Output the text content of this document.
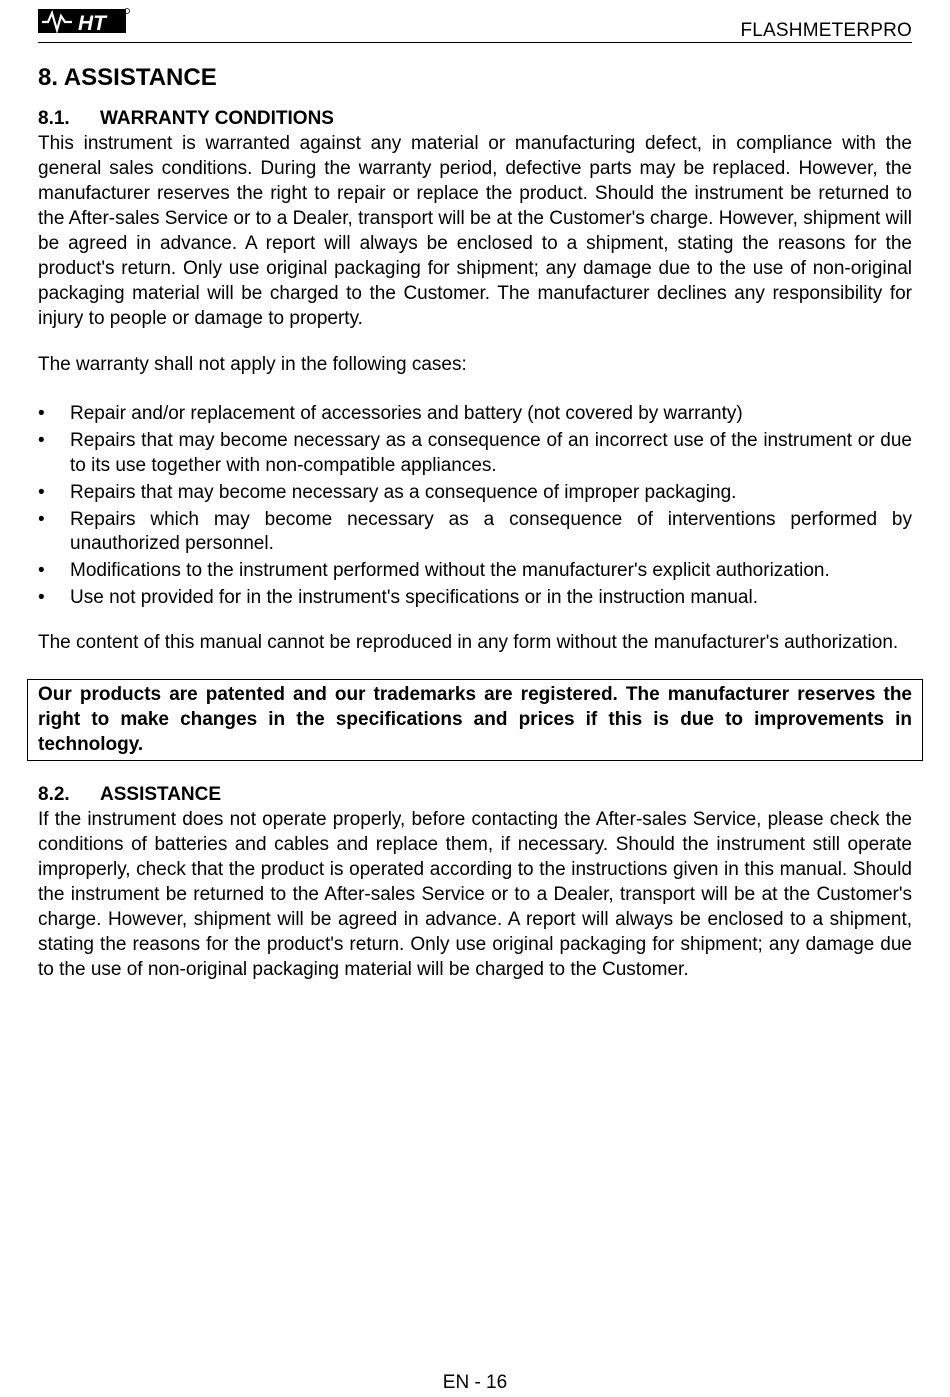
HT	FLASHMETERPRO
8. ASSISTANCE
8.1. WARRANTY CONDITIONS

This instrument is warranted against any material or manufacturing defect, in compliance with the general sales conditions. During the warranty period, defective parts may be replaced. However, the manufacturer reserves the right to repair or replace the product. Should the instrument be returned to the After-sales Service or to a Dealer, transport will be at the Customer's charge. However, shipment will be agreed in advance. A report will always be enclosed to a shipment, stating the reasons for the product's return. Only use original packaging for shipment; any damage due to the use of non-original packaging material will be charged to the Customer. The manufacturer declines any responsibility for injury to people or damage to property.

The warranty shall not apply in the following cases:

•	Repair and/or replacement of accessories and battery (not covered by warranty)
•	Repairs that may become necessary as a consequence of an incorrect use of the instrument or due to its use together with non-compatible appliances.
•	Repairs that may become necessary as a consequence of improper packaging.
•	Repairs which may become necessary as a consequence of interventions performed by unauthorized personnel.
•	Modifications to the instrument performed without the manufacturer's explicit authorization.
•	Use not provided for in the instrument's specifications or in the instruction manual.

The content of this manual cannot be reproduced in any form without the manufacturer's authorization.

Our products are patented and our trademarks are registered. The manufacturer reserves the right to make changes in the specifications and prices if this is due to improvements in technology.

8.2. ASSISTANCE

If the instrument does not operate properly, before contacting the After-sales Service, please check the conditions of batteries and cables and replace them, if necessary. Should the instrument still operate improperly, check that the product is operated according to the instructions given in this manual. Should the instrument be returned to the After-sales Service or to a Dealer, transport will be at the Customer's charge. However, shipment will be agreed in advance. A report will always be enclosed to a shipment, stating the reasons for the product's return. Only use original packaging for shipment; any damage due to the use of non-original packaging material will be charged to the Customer.

EN - 16
